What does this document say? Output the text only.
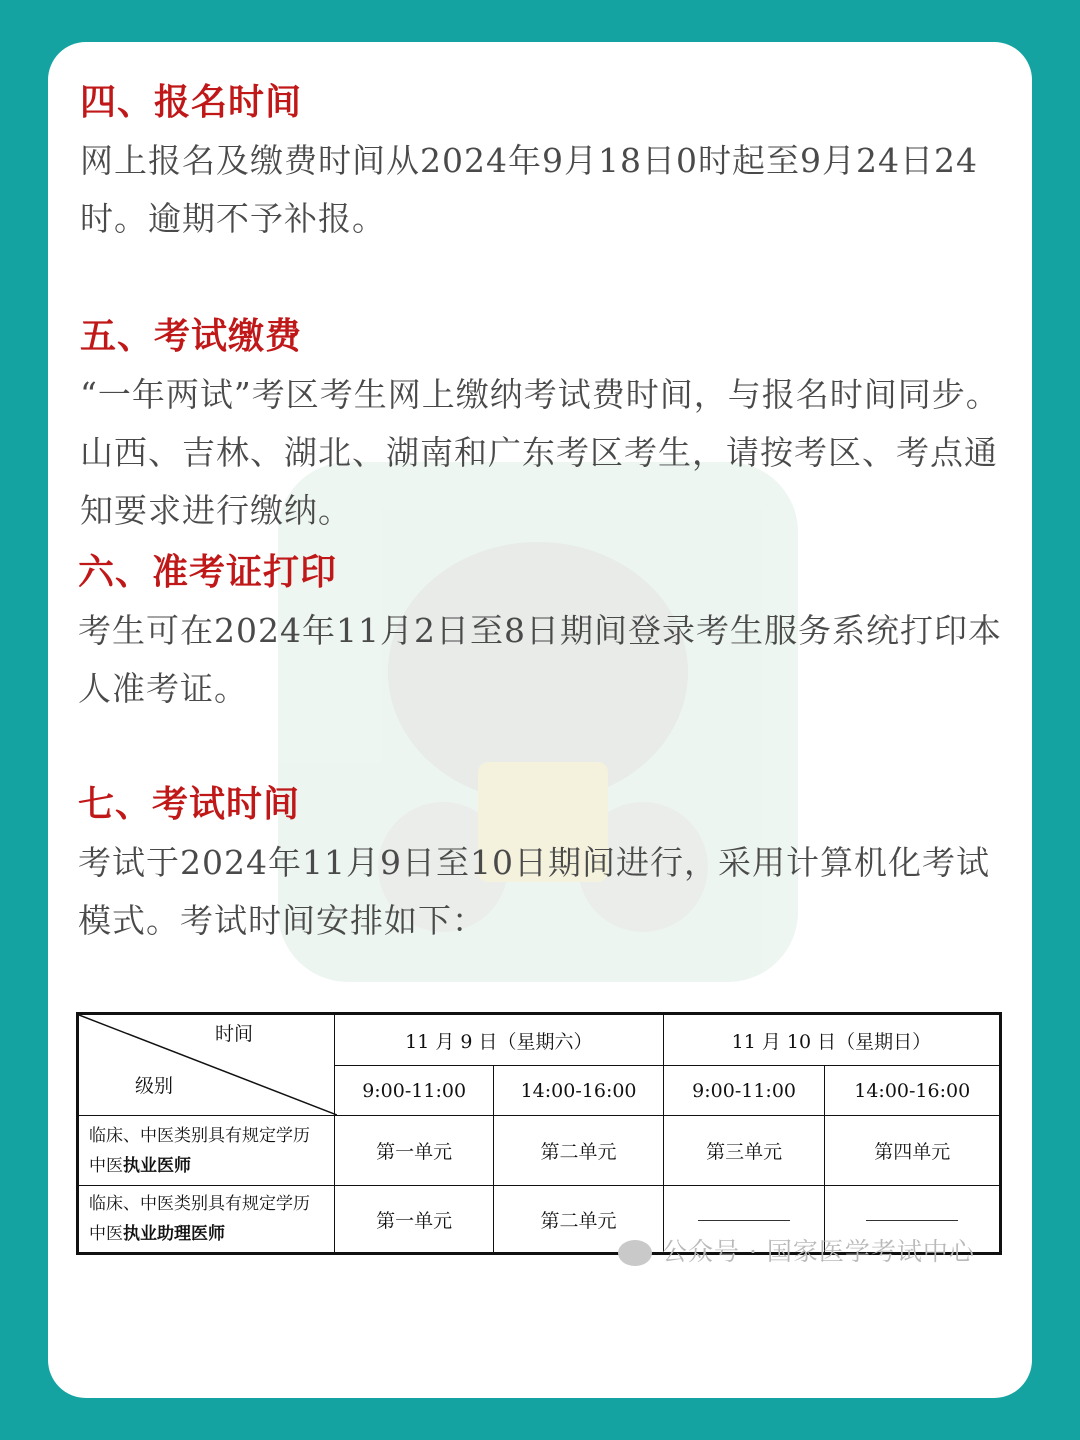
四、报名时间

网上报名及缴费时间从2024年9月18日0时起至9月24日24时。逾期不予补报。

五、考试缴费

“一年两试”考区考生网上缴纳考试费时间，与报名时间同步。山西、吉林、湖北、湖南和广东考区考生，请按考区、考点通知要求进行缴纳。

六、准考证打印

考生可在2024年11月2日至8日期间登录考生服务系统打印本人准考证。

七、考试时间

考试于2024年11月9日至10日期间进行，采用计算机化考试模式。考试时间安排如下：

时间
级别	11 月 9 日（星期六）		11 月 10 日（星期日）	
	9:00-11:00	14:00-16:00	9:00-11:00	14:00-16:00
临床、中医类别具有规定学历
中医执业医师	第一单元	第二单元	第三单元	第四单元
临床、中医类别具有规定学历
中医执业助理医师	第一单元	第二单元		
公众号 · 国家医学考试中心
